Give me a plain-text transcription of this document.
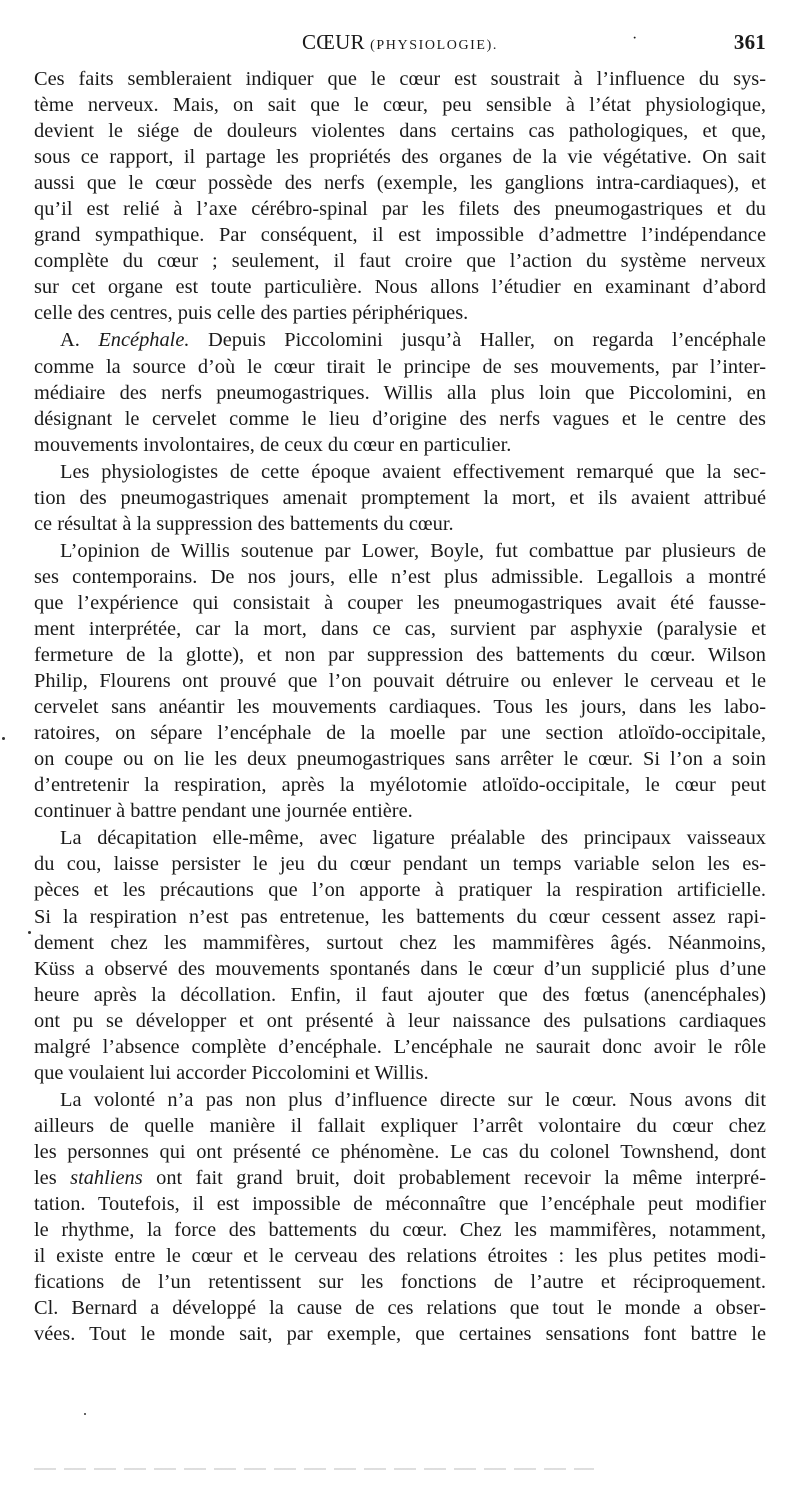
CŒUR (PHYSIOLOGIE).	·	361
Ces faits sembleraient indiquer que le cœur est soustrait à l’influence du sys-
tème nerveux. Mais, on sait que le cœur, peu sensible à l’état physiologique,
devient le siége de douleurs violentes dans certains cas pathologiques, et que,
sous ce rapport, il partage les propriétés des organes de la vie végétative. On sait
aussi que le cœur possède des nerfs (exemple, les ganglions intra-cardiaques), et
qu’il est relié à l’axe cérébro-spinal par les filets des pneumogastriques et du
grand sympathique. Par conséquent, il est impossible d’admettre l’indépendance
complète du cœur ; seulement, il faut croire que l’action du système nerveux
sur cet organe est toute particulière. Nous allons l’étudier en examinant d’abord
celle des centres, puis celle des parties périphériques.
A. Encéphale. Depuis Piccolomini jusqu’à Haller, on regarda l’encéphale
comme la source d’où le cœur tirait le principe de ses mouvements, par l’inter-
médiaire des nerfs pneumogastriques. Willis alla plus loin que Piccolomini, en
désignant le cervelet comme le lieu d’origine des nerfs vagues et le centre des
mouvements involontaires, de ceux du cœur en particulier.
Les physiologistes de cette époque avaient effectivement remarqué que la sec-
tion des pneumogastriques amenait promptement la mort, et ils avaient attribué
ce résultat à la suppression des battements du cœur.
L’opinion de Willis soutenue par Lower, Boyle, fut combattue par plusieurs de
ses contemporains. De nos jours, elle n’est plus admissible. Legallois a montré
que l’expérience qui consistait à couper les pneumogastriques avait été fausse-
ment interprétée, car la mort, dans ce cas, survient par asphyxie (paralysie et
fermeture de la glotte), et non par suppression des battements du cœur. Wilson
Philip, Flourens ont prouvé que l’on pouvait détruire ou enlever le cerveau et le
cervelet sans anéantir les mouvements cardiaques. Tous les jours, dans les labo-
ratoires, on sépare l’encéphale de la moelle par une section atloïdo-occipitale,
on coupe ou on lie les deux pneumogastriques sans arrêter le cœur. Si l’on a soin
d’entretenir la respiration, après la myélotomie atloïdo-occipitale, le cœur peut
continuer à battre pendant une journée entière.
La décapitation elle-même, avec ligature préalable des principaux vaisseaux
du cou, laisse persister le jeu du cœur pendant un temps variable selon les es-
pèces et les précautions que l’on apporte à pratiquer la respiration artificielle.
Si la respiration n’est pas entretenue, les battements du cœur cessent assez rapi-
dement chez les mammifères, surtout chez les mammifères âgés. Néanmoins,
Küss a observé des mouvements spontanés dans le cœur d’un supplicié plus d’une
heure après la décollation. Enfin, il faut ajouter que des fœtus (anencéphales)
ont pu se développer et ont présenté à leur naissance des pulsations cardiaques
malgré l’absence complète d’encéphale. L’encéphale ne saurait donc avoir le rôle
que voulaient lui accorder Piccolomini et Willis.
La volonté n’a pas non plus d’influence directe sur le cœur. Nous avons dit
ailleurs de quelle manière il fallait expliquer l’arrêt volontaire du cœur chez
les personnes qui ont présenté ce phénomène. Le cas du colonel Townshend, dont
les stahliens ont fait grand bruit, doit probablement recevoir la même interpré-
tation. Toutefois, il est impossible de méconnaître que l’encéphale peut modifier
le rhythme, la force des battements du cœur. Chez les mammifères, notamment,
il existe entre le cœur et le cerveau des relations étroites : les plus petites modi-
fications de l’un retentissent sur les fonctions de l’autre et réciproquement.
Cl. Bernard a développé la cause de ces relations que tout le monde a obser-
vées. Tout le monde sait, par exemple, que certaines sensations font battre le
